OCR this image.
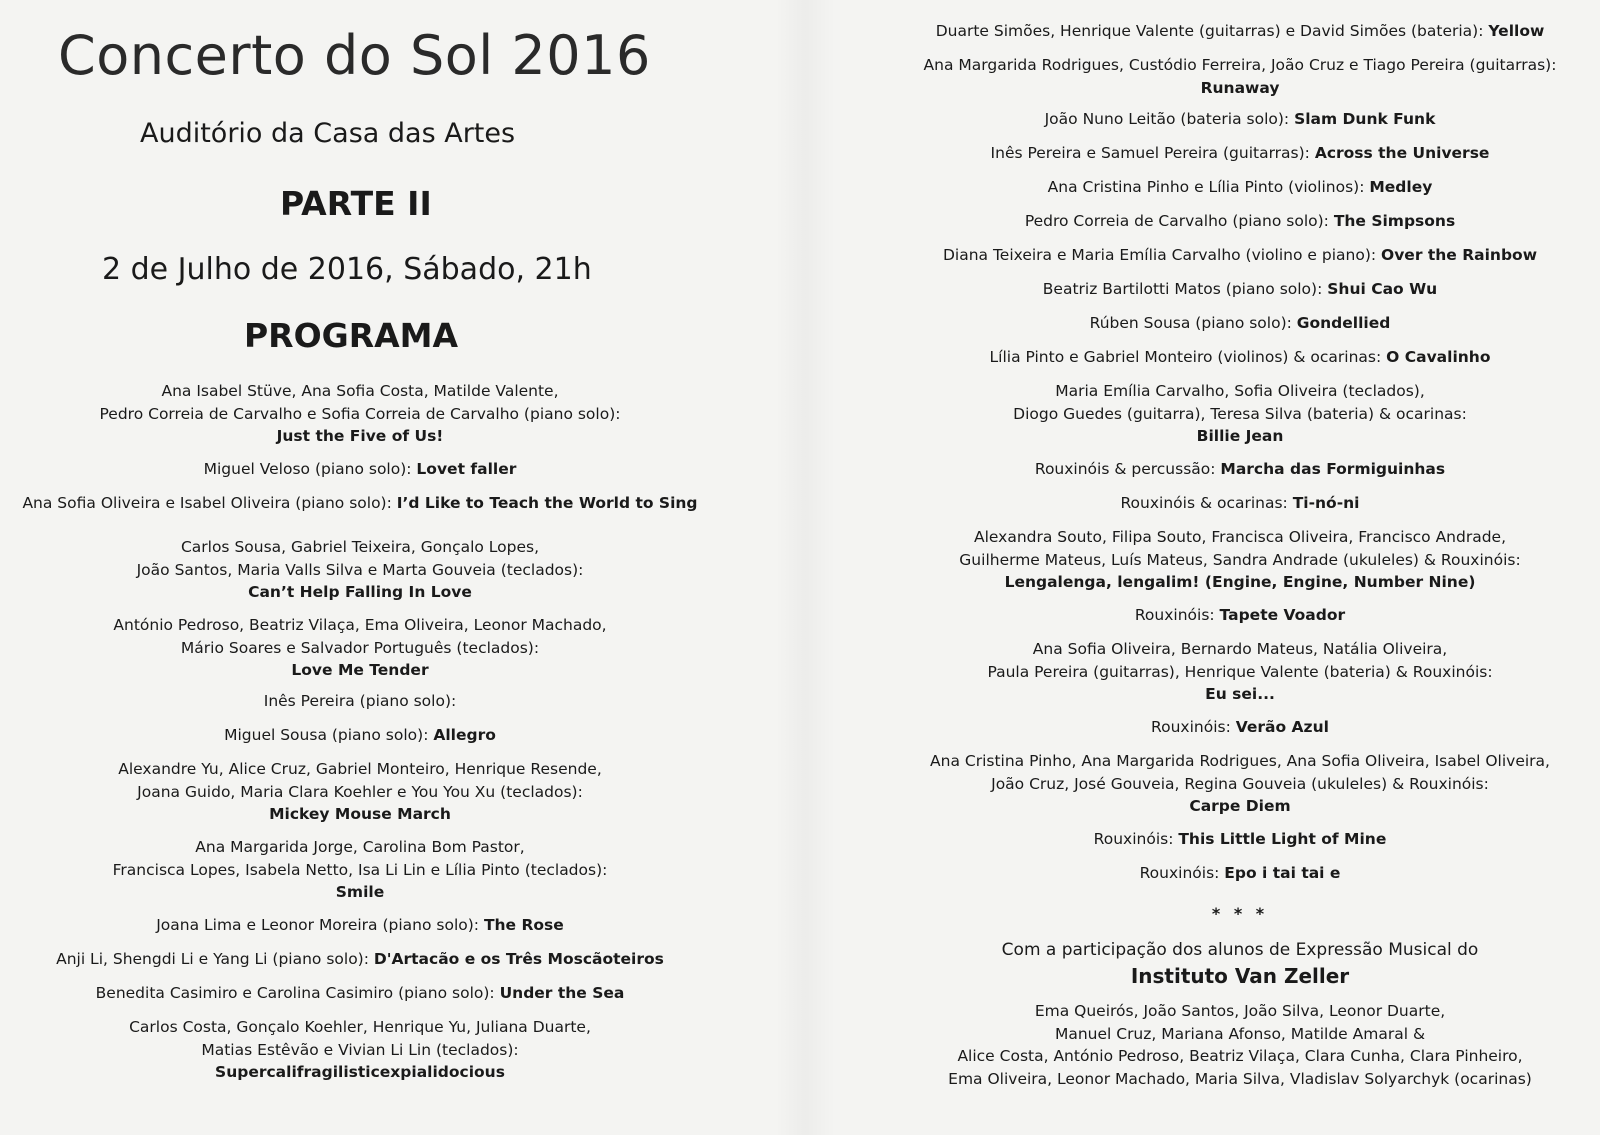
Concerto do Sol 2016
Auditório da Casa das Artes
PARTE II
2 de Julho de 2016, Sábado, 21h
PROGRAMA
Ana Isabel Stüve, Ana Sofia Costa, Matilde Valente,
Pedro Correia de Carvalho e Sofia Correia de Carvalho (piano solo):
Just the Five of Us!
Miguel Veloso (piano solo): Lovet faller
Ana Sofia Oliveira e Isabel Oliveira (piano solo): I’d Like to Teach the World to Sing
Carlos Sousa, Gabriel Teixeira, Gonçalo Lopes,
João Santos, Maria Valls Silva e Marta Gouveia (teclados):
Can’t Help Falling In Love
António Pedroso, Beatriz Vilaça, Ema Oliveira, Leonor Machado,
Mário Soares e Salvador Português (teclados):
Love Me Tender
Inês Pereira (piano solo):
Miguel Sousa (piano solo): Allegro
Alexandre Yu, Alice Cruz, Gabriel Monteiro, Henrique Resende,
Joana Guido, Maria Clara Koehler e You You Xu (teclados):
Mickey Mouse March
Ana Margarida Jorge, Carolina Bom Pastor,
Francisca Lopes, Isabela Netto, Isa Li Lin e Lília Pinto (teclados):
Smile
Joana Lima e Leonor Moreira (piano solo): The Rose
Anji Li, Shengdi Li e Yang Li (piano solo): D'Artacão e os Três Moscãoteiros
Benedita Casimiro e Carolina Casimiro (piano solo): Under the Sea
Carlos Costa, Gonçalo Koehler, Henrique Yu, Juliana Duarte,
Matias Estêvão e Vivian Li Lin (teclados):
Supercalifragilisticexpialidocious
Duarte Simões, Henrique Valente (guitarras) e David Simões (bateria): Yellow
Ana Margarida Rodrigues, Custódio Ferreira, João Cruz e Tiago Pereira (guitarras):
Runaway
João Nuno Leitão (bateria solo): Slam Dunk Funk
Inês Pereira e Samuel Pereira (guitarras): Across the Universe
Ana Cristina Pinho e Lília Pinto (violinos): Medley
Pedro Correia de Carvalho (piano solo): The Simpsons
Diana Teixeira e Maria Emília Carvalho (violino e piano): Over the Rainbow
Beatriz Bartilotti Matos (piano solo): Shui Cao Wu
Rúben Sousa (piano solo): Gondellied
Lília Pinto e Gabriel Monteiro (violinos) & ocarinas: O Cavalinho
Maria Emília Carvalho, Sofia Oliveira (teclados),
Diogo Guedes (guitarra), Teresa Silva (bateria) & ocarinas:
Billie Jean
Rouxinóis & percussão: Marcha das Formiguinhas
Rouxinóis & ocarinas: Ti-nó-ni
Alexandra Souto, Filipa Souto, Francisca Oliveira, Francisco Andrade,
Guilherme Mateus, Luís Mateus, Sandra Andrade (ukuleles) & Rouxinóis:
Lengalenga, lengalim! (Engine, Engine, Number Nine)
Rouxinóis: Tapete Voador
Ana Sofia Oliveira, Bernardo Mateus, Natália Oliveira,
Paula Pereira (guitarras), Henrique Valente (bateria) & Rouxinóis:
Eu sei...
Rouxinóis: Verão Azul
Ana Cristina Pinho, Ana Margarida Rodrigues, Ana Sofia Oliveira, Isabel Oliveira,
João Cruz, José Gouveia, Regina Gouveia (ukuleles) & Rouxinóis:
Carpe Diem
Rouxinóis: This Little Light of Mine
Rouxinóis: Epo i tai tai e
* * *
Com a participação dos alunos de Expressão Musical do
Instituto Van Zeller
Ema Queirós, João Santos, João Silva, Leonor Duarte,
Manuel Cruz, Mariana Afonso, Matilde Amaral &
Alice Costa, António Pedroso, Beatriz Vilaça, Clara Cunha, Clara Pinheiro,
Ema Oliveira, Leonor Machado, Maria Silva, Vladislav Solyarchyk (ocarinas)
